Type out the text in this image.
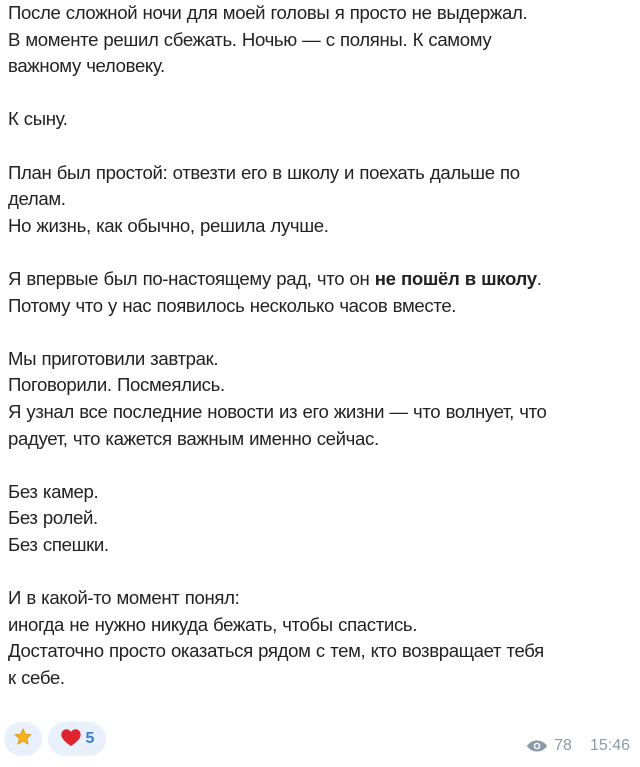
После сложной ночи для моей головы я просто не выдержал.
В моменте решил сбежать. Ночью — с поляны. К самому
важному человеку.
К сыну.
План был простой: отвезти его в школу и поехать дальше по
делам.
Но жизнь, как обычно, решила лучше.
Я впервые был по-настоящему рад, что он не пошёл в школу.
Потому что у нас появилось несколько часов вместе.
Мы приготовили завтрак.
Поговорили. Посмеялись.
Я узнал все последние новости из его жизни — что волнует, что
радует, что кажется важным именно сейчас.
Без камер.
Без ролей.
Без спешки.
И в какой-то момент понял:
иногда не нужно никуда бежать, чтобы спастись.
Достаточно просто оказаться рядом с тем, кто возвращает тебя
к себе.
5	78 15:46
